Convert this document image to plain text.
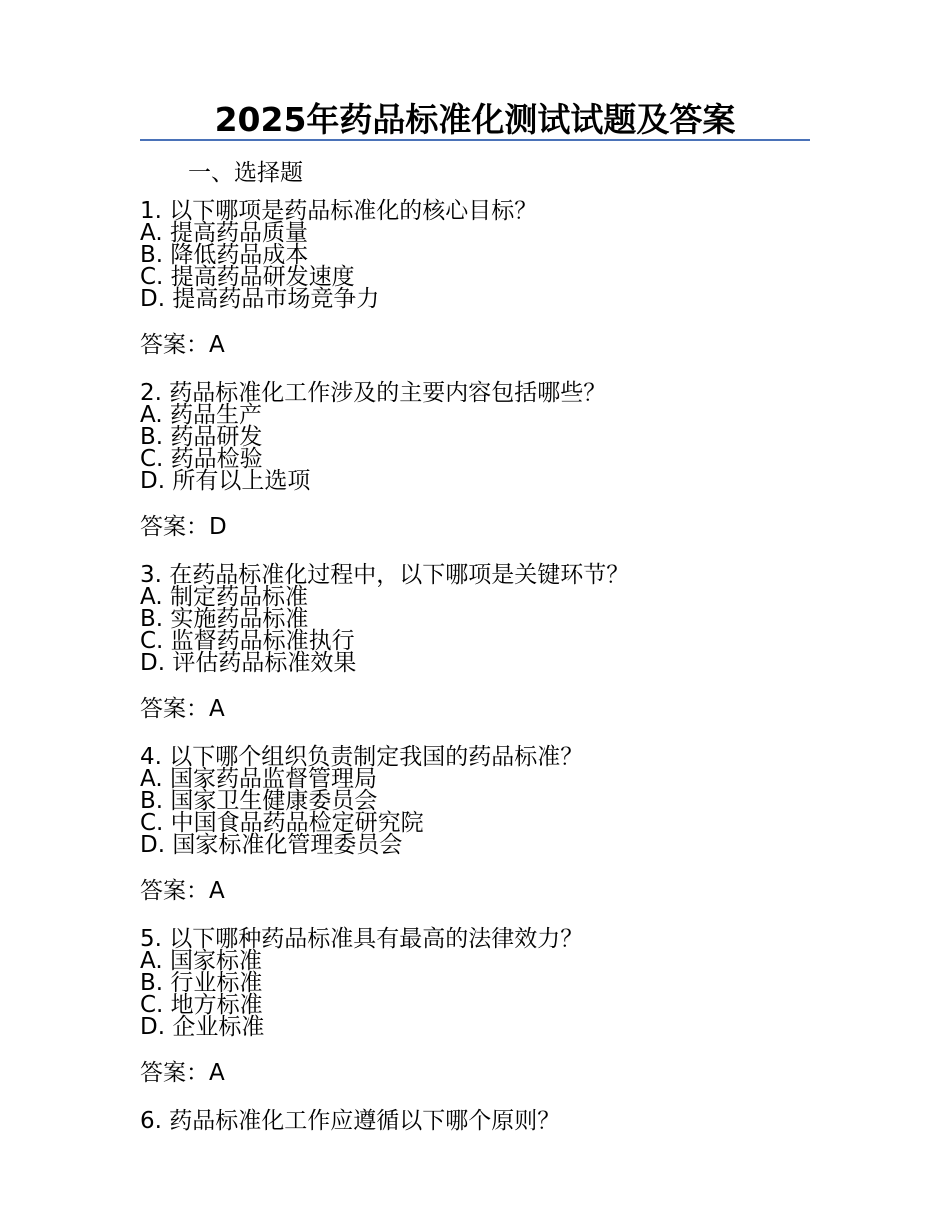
2025年药品标准化测试试题及答案
一、选择题
1. 以下哪项是药品标准化的核心目标？
A. 提高药品质量
B. 降低药品成本
C. 提高药品研发速度
D. 提高药品市场竞争力
答案：A
2. 药品标准化工作涉及的主要内容包括哪些？
A. 药品生产
B. 药品研发
C. 药品检验
D. 所有以上选项
答案：D
3. 在药品标准化过程中，以下哪项是关键环节？
A. 制定药品标准
B. 实施药品标准
C. 监督药品标准执行
D. 评估药品标准效果
答案：A
4. 以下哪个组织负责制定我国的药品标准？
A. 国家药品监督管理局
B. 国家卫生健康委员会
C. 中国食品药品检定研究院
D. 国家标准化管理委员会
答案：A
5. 以下哪种药品标准具有最高的法律效力？
A. 国家标准
B. 行业标准
C. 地方标准
D. 企业标准
答案：A
6. 药品标准化工作应遵循以下哪个原则？
